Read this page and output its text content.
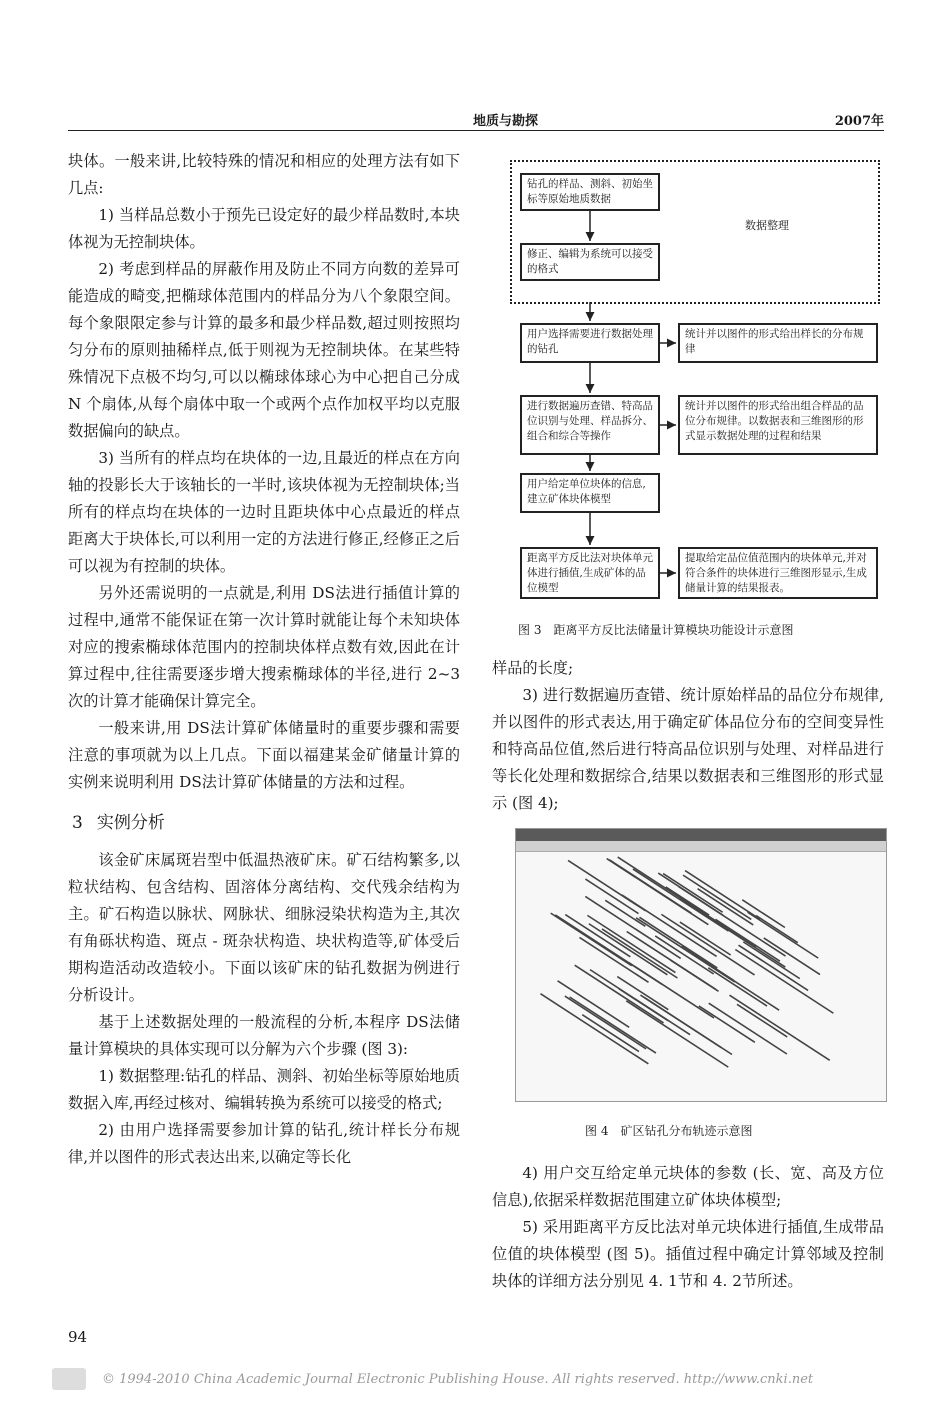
地质与勘探	2007年

块体。一般来讲,比较特殊的情况和相应的处理方法有如下几点:

1) 当样品总数小于预先已设定好的最少样品数时,本块体视为无控制块体。

2) 考虑到样品的屏蔽作用及防止不同方向数的差异可能造成的畸变,把椭球体范围内的样品分为八个象限空间。每个象限限定参与计算的最多和最少样品数,超过则按照均匀分布的原则抽稀样点,低于则视为无控制块体。在某些特殊情况下点极不均匀,可以以椭球体球心为中心把自己分成 N 个扇体,从每个扇体中取一个或两个点作加权平均以克服数据偏向的缺点。

3) 当所有的样点均在块体的一边,且最近的样点在方向轴的投影长大于该轴长的一半时,该块体视为无控制块体;当所有的样点均在块体的一边时且距块体中心点最近的样点距离大于块体长,可以利用一定的方法进行修正,经修正之后可以视为有控制的块体。

另外还需说明的一点就是,利用 DS法进行插值计算的过程中,通常不能保证在第一次计算时就能让每个未知块体对应的搜索椭球体范围内的控制块体样点数有效,因此在计算过程中,往往需要逐步增大搜索椭球体的半径,进行 2~3次的计算才能确保计算完全。

一般来讲,用 DS法计算矿体储量时的重要步骤和需要注意的事项就为以上几点。下面以福建某金矿储量计算的实例来说明利用 DS法计算矿体储量的方法和过程。

3 实例分析

该金矿床属斑岩型中低温热液矿床。矿石结构繁多,以粒状结构、包含结构、固溶体分离结构、交代残余结构为主。矿石构造以脉状、网脉状、细脉浸染状构造为主,其次有角砾状构造、斑点 - 斑杂状构造、块状构造等,矿体受后期构造活动改造较小。下面以该矿床的钻孔数据为例进行分析设计。

基于上述数据处理的一般流程的分析,本程序 DS法储量计算模块的具体实现可以分解为六个步骤 (图 3):

1) 数据整理:钻孔的样品、测斜、初始坐标等原始地质数据入库,再经过核对、编辑转换为系统可以接受的格式;

2) 由用户选择需要参加计算的钻孔,统计样长分布规律,并以图件的形式表达出来,以确定等长化

钻孔的样品、测斜、初始坐标等原始地质数据
修正、编辑为系统可以接受的格式
数据整理
用户选择需要进行数据处理的钻孔
统计并以图件的形式给出样长的分布规律
进行数据遍历查错、特高品位识别与处理、样品拆分、组合和综合等操作
统计并以图件的形式给出组合样品的品位分布规律。以数据表和三维图形的形式显示数据处理的过程和结果
用户给定单位块体的信息,建立矿体块体模型
距离平方反比法对块体单元体进行插值,生成矿体的品位模型
提取给定品位值范围内的块体单元,并对符合条件的块体进行三维图形显示,生成储量计算的结果报表。
图 3　距离平方反比法储量计算模块功能设计示意图

样品的长度;

3) 进行数据遍历查错、统计原始样品的品位分布规律,并以图件的形式表达,用于确定矿体品位分布的空间变异性和特高品位值,然后进行特高品位识别与处理、对样品进行等长化处理和数据综合,结果以数据表和三维图形的形式显示 (图 4);

图 4　矿区钻孔分布轨迹示意图

4) 用户交互给定单元块体的参数 (长、宽、高及方位信息),依据采样数据范围建立矿体块体模型;

5) 采用距离平方反比法对单元块体进行插值,生成带品位值的块体模型 (图 5)。插值过程中确定计算邻域及控制块体的详细方法分别见 4. 1节和 4. 2节所述。

94
© 1994-2010 China Academic Journal Electronic Publishing House. All rights reserved. http://www.cnki.net
